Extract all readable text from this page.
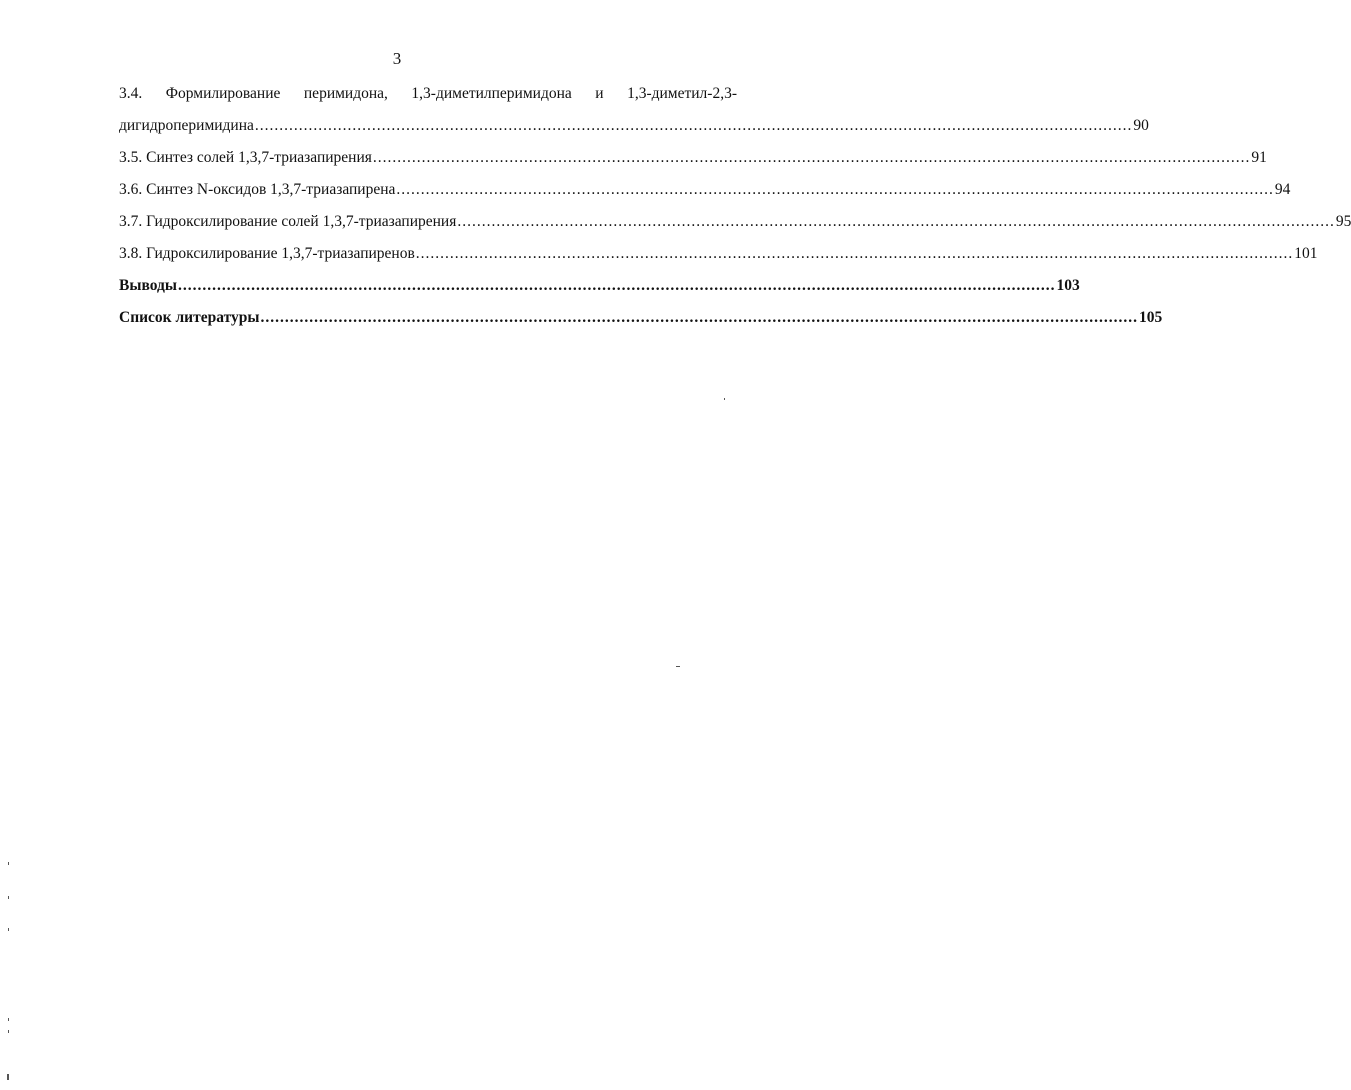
3
3.4. Формилирование перимидона, 1,3-диметилперимидона и 1,3-диметил-2,3-
дигидроперимидина .................................................................................................................................................................................... 90
3.5. Синтез солей 1,3,7-триазапирения .................................................................................................................................................................................... 91
3.6. Синтез N-оксидов 1,3,7-триазапирена .................................................................................................................................................................................... 94
3.7. Гидроксилирование солей 1,3,7-триазапирения .................................................................................................................................................................................... 95
3.8. Гидроксилирование 1,3,7-триазапиренов .................................................................................................................................................................................... 101
Выводы .................................................................................................................................................................................... 103
Список литературы .................................................................................................................................................................................... 105
